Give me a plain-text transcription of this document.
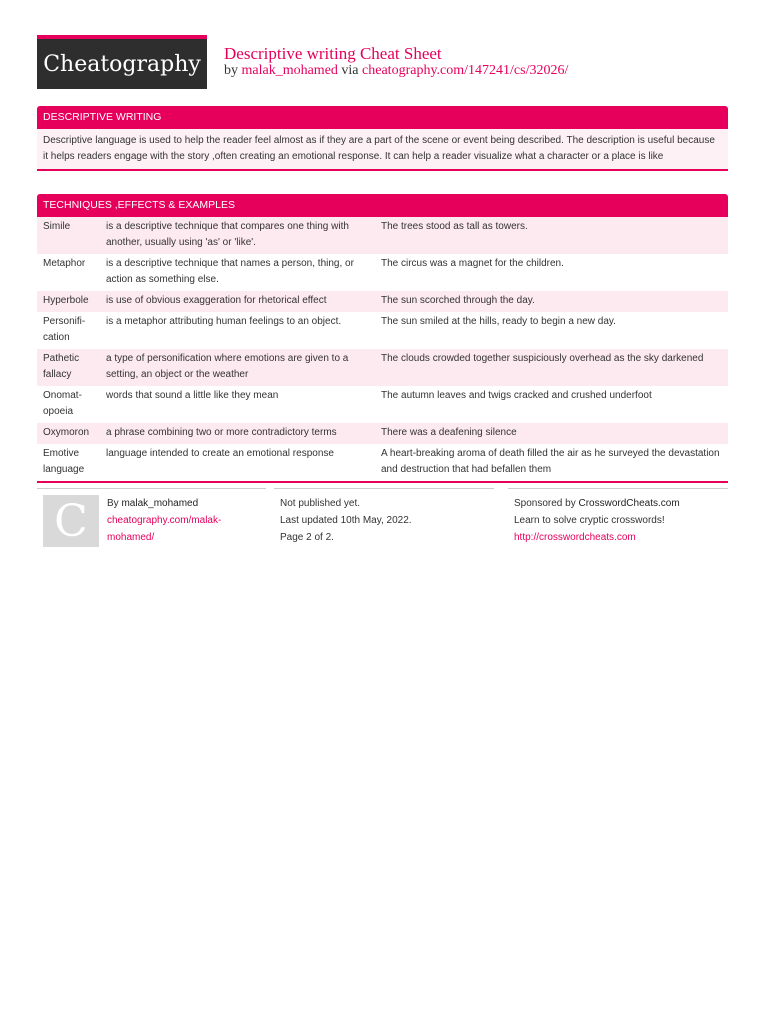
Cheatography	Descriptive writing Cheat Sheet
by malak_mohamed via cheatography.com/147241/cs/32026/
DESCRIPTIVE WRITING
Descriptive language is used to help the reader feel almost as if they are a part of the scene or event being described. The description is useful because it helps readers engage with the story ,often creating an emotional response. It can help a reader visualize what a character or a place is like
TECHNIQUES ,EFFECTS & EXAMPLES
Simile	is a descriptive technique that compares one thing with another, usually using 'as' or 'like'.	The trees stood as tall as towers.
Metaphor	is a descriptive technique that names a person, thing, or action as something else.	The circus was a magnet for the children.
Hyperbole	is use of obvious exaggeration for rhetorical effect	The sun scorched through the day.
Personifi-cation	is a metaphor attributing human feelings to an object.	The sun smiled at the hills, ready to begin a new day.
Pathetic fallacy	a type of personification where emotions are given to a setting, an object or the weather	The clouds crowded together suspiciously overhead as the sky darkened
Onomat-opoeia	words that sound a little like they mean	The autumn leaves and twigs cracked and crushed underfoot
Oxymoron	a phrase combining two or more contradictory terms	There was a deafening silence
Emotive language	language intended to create an emotional response	A heart-breaking aroma of death filled the air as he surveyed the devastation and destruction that had befallen them
C	By malak_mohamed
cheatography.com/malak-
mohamed/
Not published yet.
Last updated 10th May, 2022.
Page 2 of 2.
Sponsored by CrosswordCheats.com
Learn to solve cryptic crosswords!
http://crosswordcheats.com
